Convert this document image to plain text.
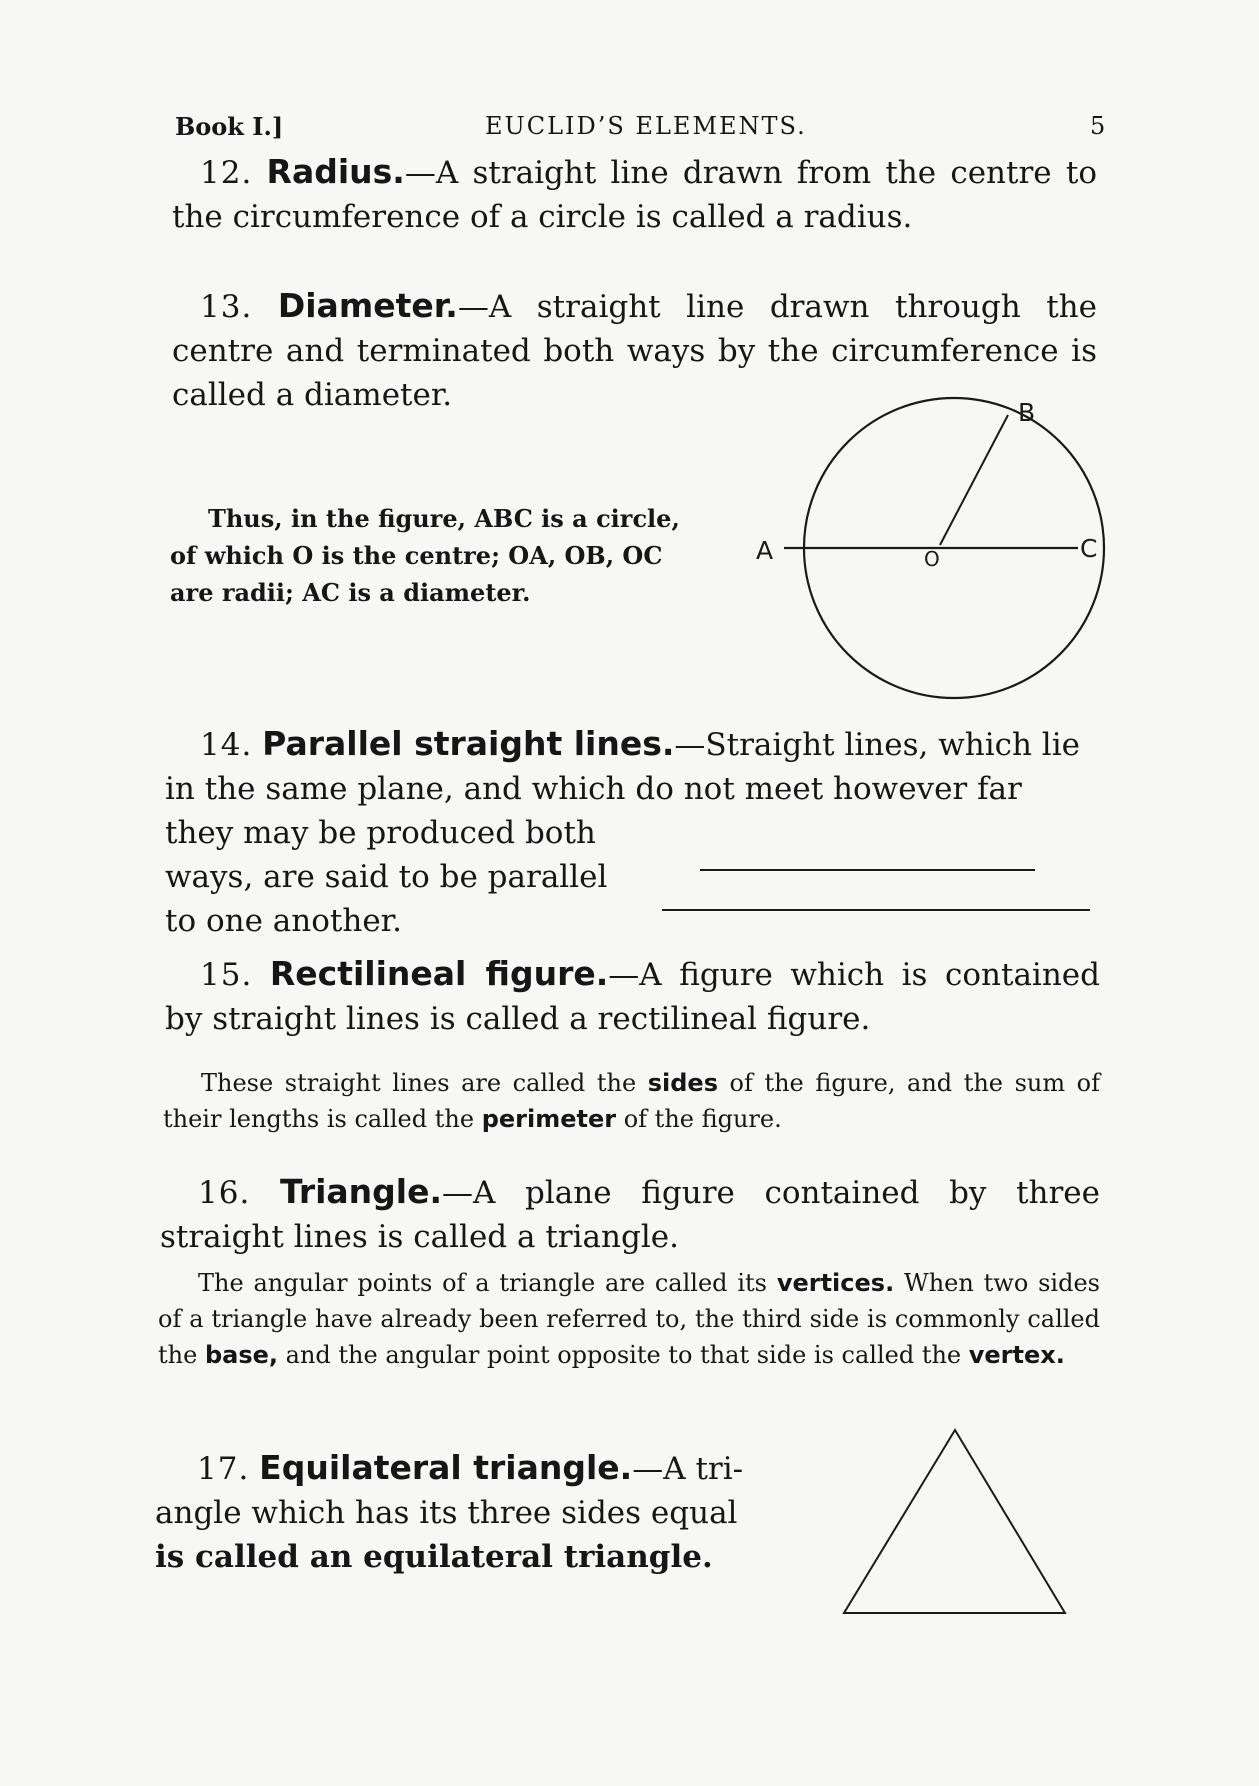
Book I.]	EUCLID’S ELEMENTS.	5

12. Radius.—A straight line drawn from the centre to the circumference of a circle is called a radius.

13. Diameter.—A straight line drawn through the centre and terminated both ways by the circumference is called a diameter.

Thus, in the figure, ABC is a circle, of which O is the centre; OA, OB, OC are radii; AC is a diameter.

A
B
C
O
14. Parallel straight lines.—Straight lines, which lie
in the same plane, and which do not meet however far
they may be produced both
ways, are said to be parallel
to one another.

15. Rectilineal figure.—A figure which is contained by straight lines is called a rectilineal figure.

These straight lines are called the sides of the figure, and the sum of their lengths is called the perimeter of the figure.

16. Triangle.—A plane figure contained by three straight lines is called a triangle.

The angular points of a triangle are called its vertices. When two sides of a triangle have already been referred to, the third side is commonly called the base, and the angular point opposite to that side is called the vertex.

17. Equilateral triangle.—A tri-
angle which has its three sides equal
is called an equilateral triangle.
